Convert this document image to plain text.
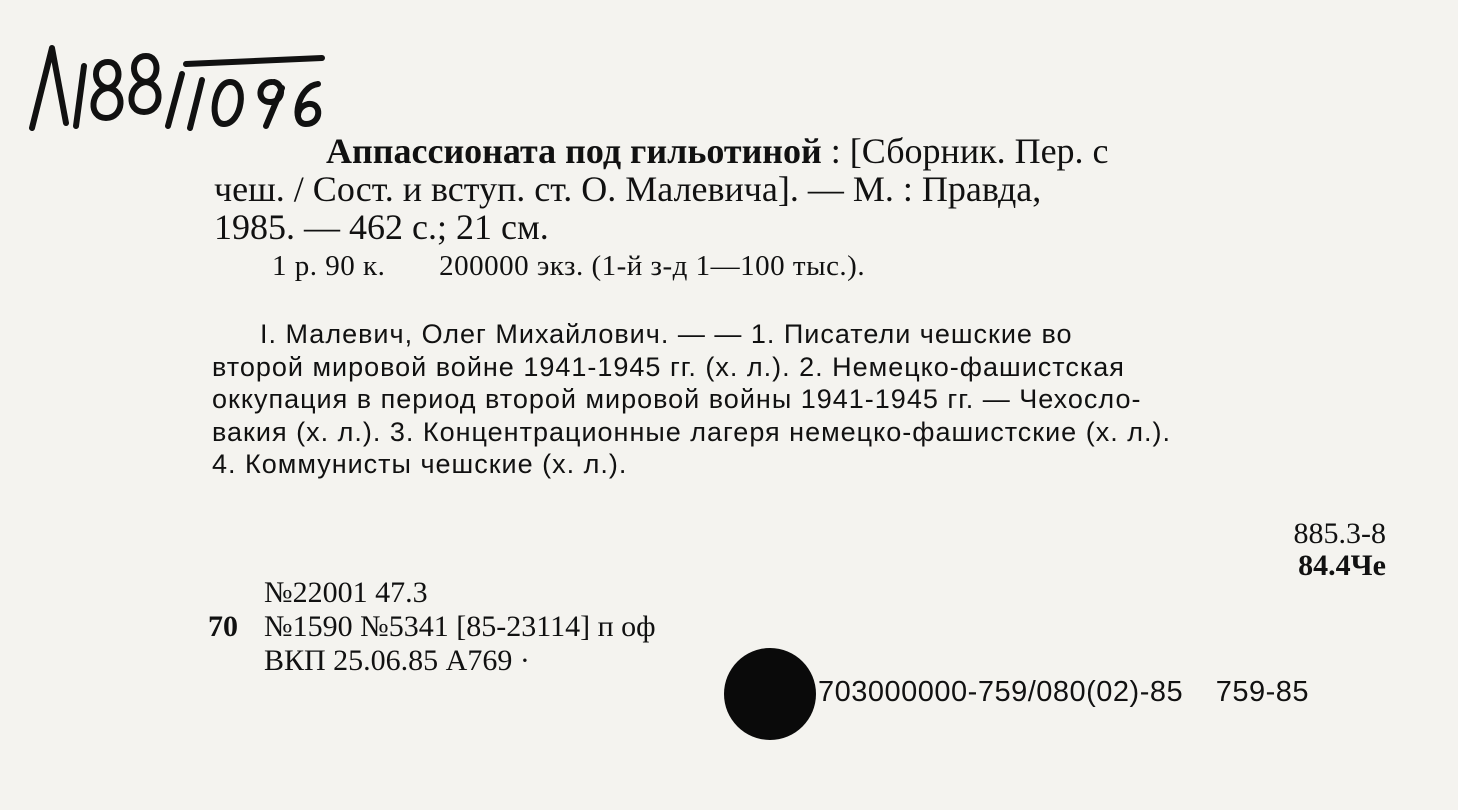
Аппассионата под гильотиной : [Сборник. Пер. с
чеш. / Сост. и вступ. ст. О. Малевича]. — М. : Правда,
1985. — 462 с.; 21 см.
1 р. 90 к. 200000 экз. (1-й з-д 1—100 тыс.).
I. Малевич, Олег Михайлович. — — 1. Писатели чешские во
второй мировой войне 1941-1945 гг. (х. л.). 2. Немецко-фашистская
оккупация в период второй мировой войны 1941-1945 гг. — Чехосло-
вакия (х. л.). 3. Концентрационные лагеря немецко-фашистские (х. л.).
4. Коммунисты чешские (х. л.).
885.3-8
84.4Че
№22001 47.3
№1590 №5341 [85-23114] п оф
ВКП 25.06.85 А769 ·
70
703000000-759/080(02)-85 759-85
